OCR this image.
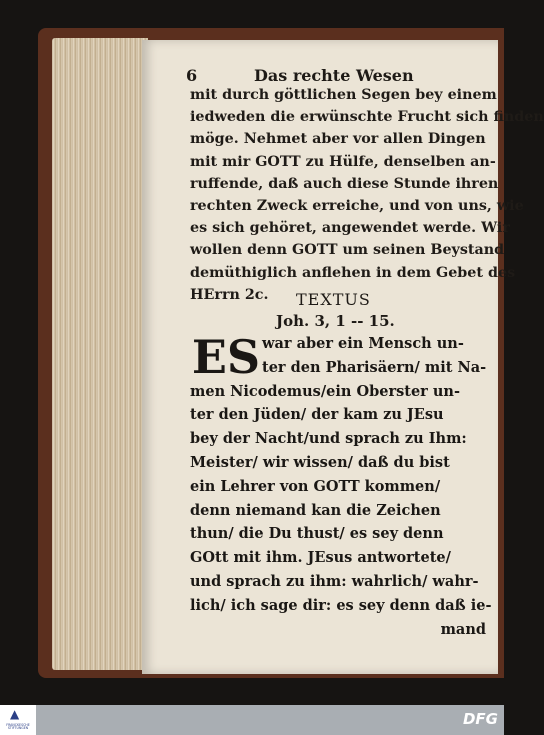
6	Das rechte Wesen
mit durch göttlichen Segen bey einem
iedweden die erwünschte Frucht sich finden
möge. Nehmet aber vor allen Dingen
mit mir GOTT zu Hülfe, denselben an-
ruffende, daß auch diese Stunde ihren
rechten Zweck erreiche, und von uns, wie
es sich gehöret, angewendet werde. Wir
wollen denn GOTT um seinen Beystand
demüthiglich anflehen in dem Gebet des
HErrn 2c.	TEXTUS
Joh. 3, 1 -- 15.
ES war aber ein Mensch un-
ter den Pharisäern/ mit Na-
men Nicodemus/ein Oberster un-
ter den Jüden/ der kam zu JEsu
bey der Nacht/und sprach zu Ihm:
Meister/ wir wissen/ daß du bist
ein Lehrer von GOTT kommen/
denn niemand kan die Zeichen
thun/ die Du thust/ es sey denn
GOtt mit ihm. JEsus antwortete/
und sprach zu ihm: wahrlich/ wahr-
lich/ ich sage dir: es sey denn daß ie-
mand
▲
FRANCKESCHE STIFTUNGEN
DFG
